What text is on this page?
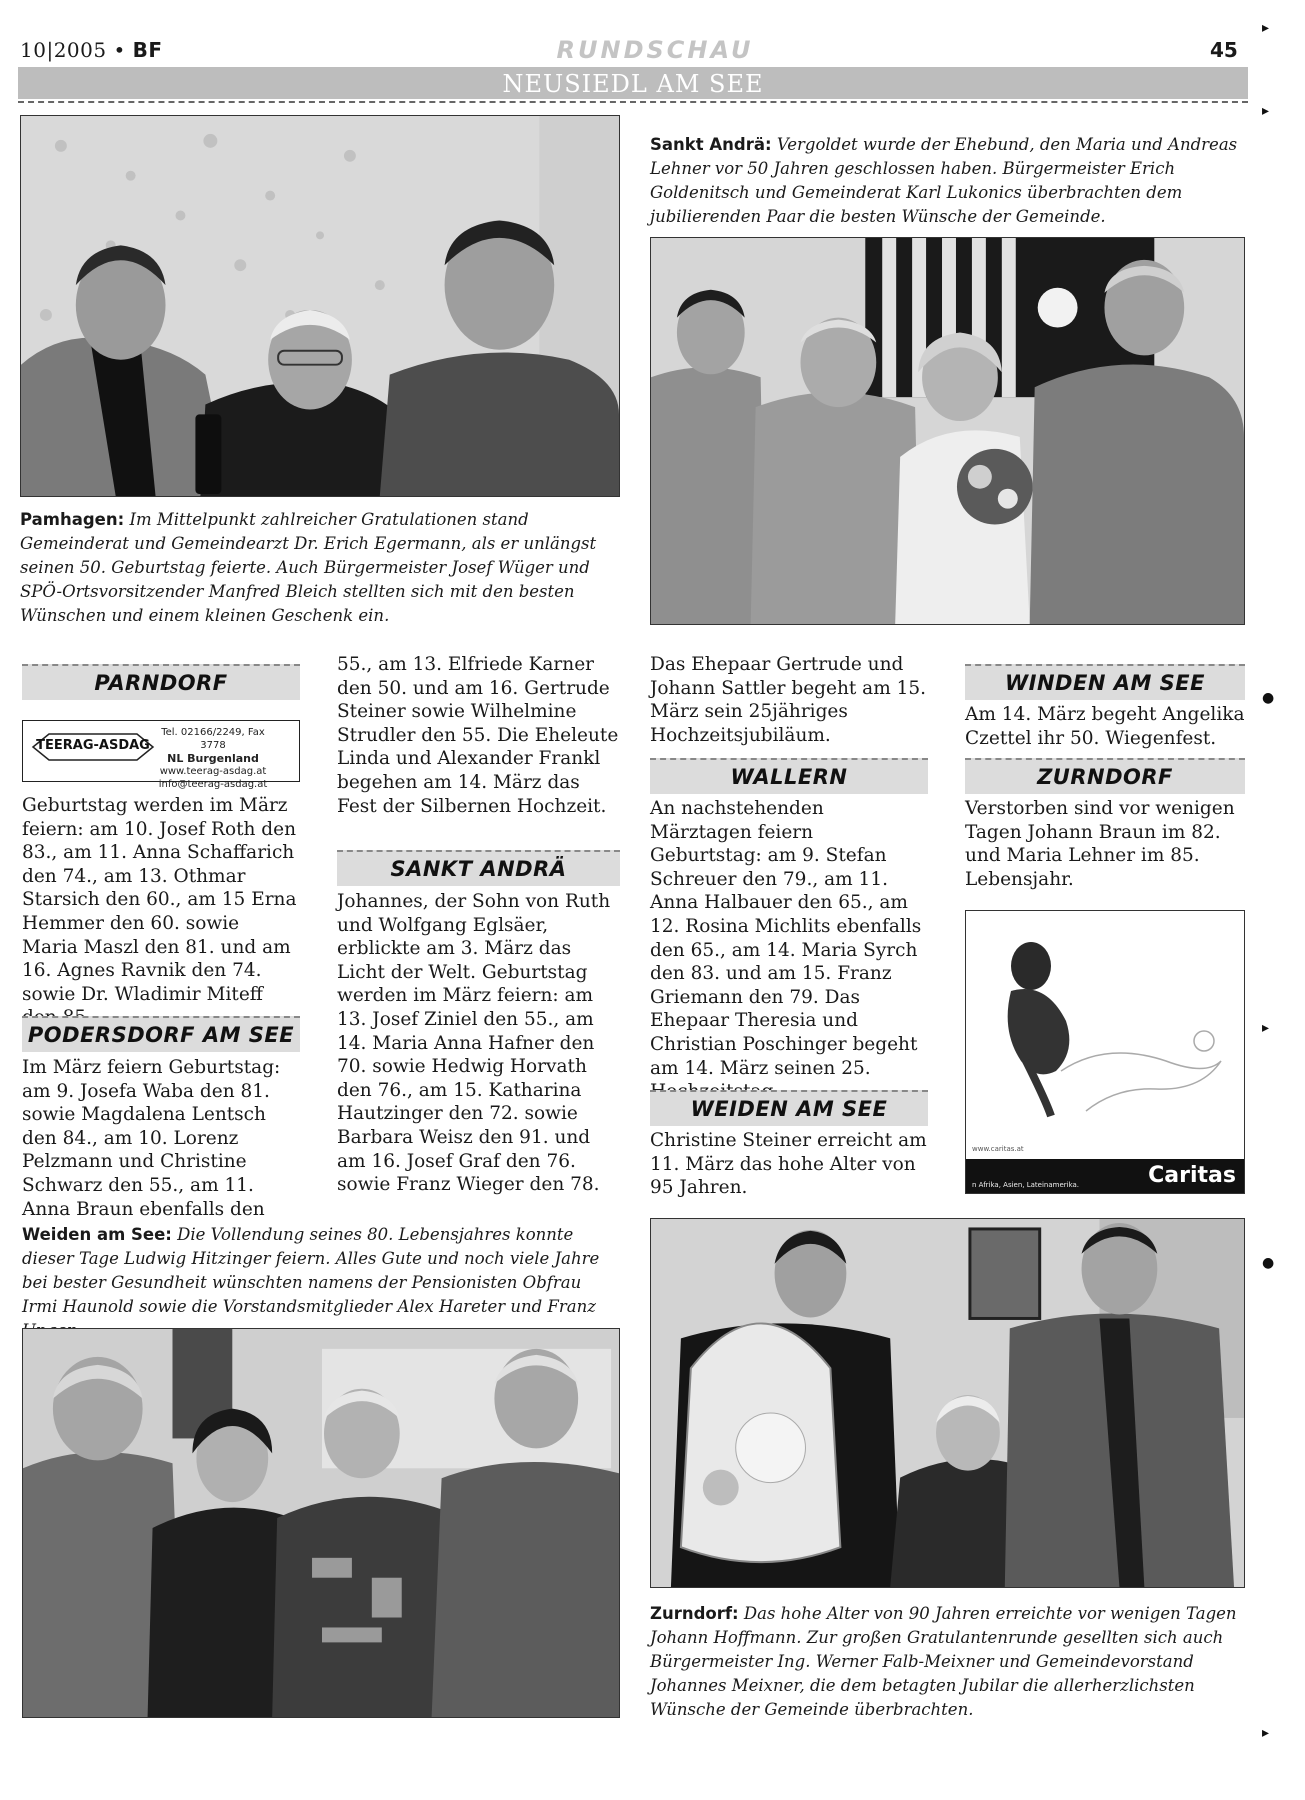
10|2005 • BF	RUNDSCHAU	45
NEUSIEDL AM SEE
Pamhagen: Im Mittelpunkt zahlreicher Gratulationen stand Gemeinderat und Gemeindearzt Dr. Erich Egermann, als er unlängst seinen 50. Geburtstag feierte. Auch Bürgermeister Josef Wüger und SPÖ-Ortsvorsitzender Manfred Bleich stellten sich mit den besten Wünschen und einem kleinen Geschenk ein.
Sankt Andrä: Vergoldet wurde der Ehebund, den Maria und Andreas Lehner vor 50 Jahren geschlossen haben. Bürgermeister Erich Goldenitsch und Gemeinderat Karl Lukonics überbrachten dem jubilierenden Paar die besten Wünsche der Gemeinde.
PARNDORF
TEERAG-ASDAG
Tel. 02166/2249, Fax 3778
NL Burgenland
www.teerag-asdag.at
info@teerag-asdag.at
Geburtstag werden im März feiern: am 10. Josef Roth den 83., am 11. Anna Schaffarich den 74., am 13. Othmar Starsich den 60., am 15 Erna Hemmer den 60. sowie Maria Maszl den 81. und am 16. Agnes Ravnik den 74. sowie Dr. Wladimir Miteff
PODERSDORF AM SEE
Im März feiern Geburtstag: am 9. Josefa Waba den 81. sowie Magdalena Lentsch den 84., am 10. Lorenz Pelzmann und Christine Schwarz den 55., am 11. Anna Braun ebenfalls den
55., am 13. Elfriede Karner den 50. und am 16. Gertrude Steiner sowie Wilhelmine Strudler den 55. Die Eheleute Linda und Alexander Frankl begehen am 14. März das Fest der Silbernen Hochzeit.
SANKT ANDRÄ
Johannes, der Sohn von Ruth und Wolfgang Eglsäer, erblickte am 3. März das Licht der Welt. Geburtstag werden im März feiern: am 13. Josef Ziniel den 55., am 14. Maria Anna Hafner den 70. sowie Hedwig Horvath den 76., am 15. Katharina Hautzinger den 72. sowie Barbara Weisz den 91. und am 16. Josef Graf den 76. sowie Franz Wieger den 78.
Das Ehepaar Gertrude und Johann Sattler begeht am 15. März sein 25jähriges Hochzeitsjubiläum.
WALLERN
An nachstehenden Märztagen feiern Geburtstag: am 9. Stefan Schreuer den 79., am 11. Anna Halbauer den 65., am 12. Rosina Michlits ebenfalls den 65., am 14. Maria Syrch den 83. und am 15. Franz Griemann den 79. Das Ehepaar Theresia und Christian Poschinger begeht am 14. März seinen 25.
WEIDEN AM SEE
Christine Steiner erreicht am 11. März das hohe Alter von 95 Jahren.
WINDEN AM SEE
Am 14. März begeht Angelika Czettel ihr 50. Wiegenfest.
ZURNDORF
Verstorben sind vor wenigen Tagen Johann Braun im 82. und Maria Lehner im 85. Lebensjahr.
www.caritas.at
n Afrika, Asien, Lateinamerika.	Caritas
Weiden am See: Die Vollendung seines 80. Lebensjahres konnte dieser Tage Ludwig Hitzinger feiern. Alles Gute und noch viele Jahre bei bester Gesundheit wünschten namens der Pensionisten Obfrau Irmi Haunold sowie die Vorstandsmitglieder Alex Hareter und Franz
Zurndorf: Das hohe Alter von 90 Jahren erreichte vor wenigen Tagen Johann Hoffmann. Zur großen Gratulantenrunde gesellten sich auch Bürgermeister Ing. Werner Falb-Meixner und Gemeindevorstand Johannes Meixner, die dem betagten Jubilar die allerherzlichsten Wünsche der Gemeinde überbrachten.
▸
▸
●
▸
●
▸
